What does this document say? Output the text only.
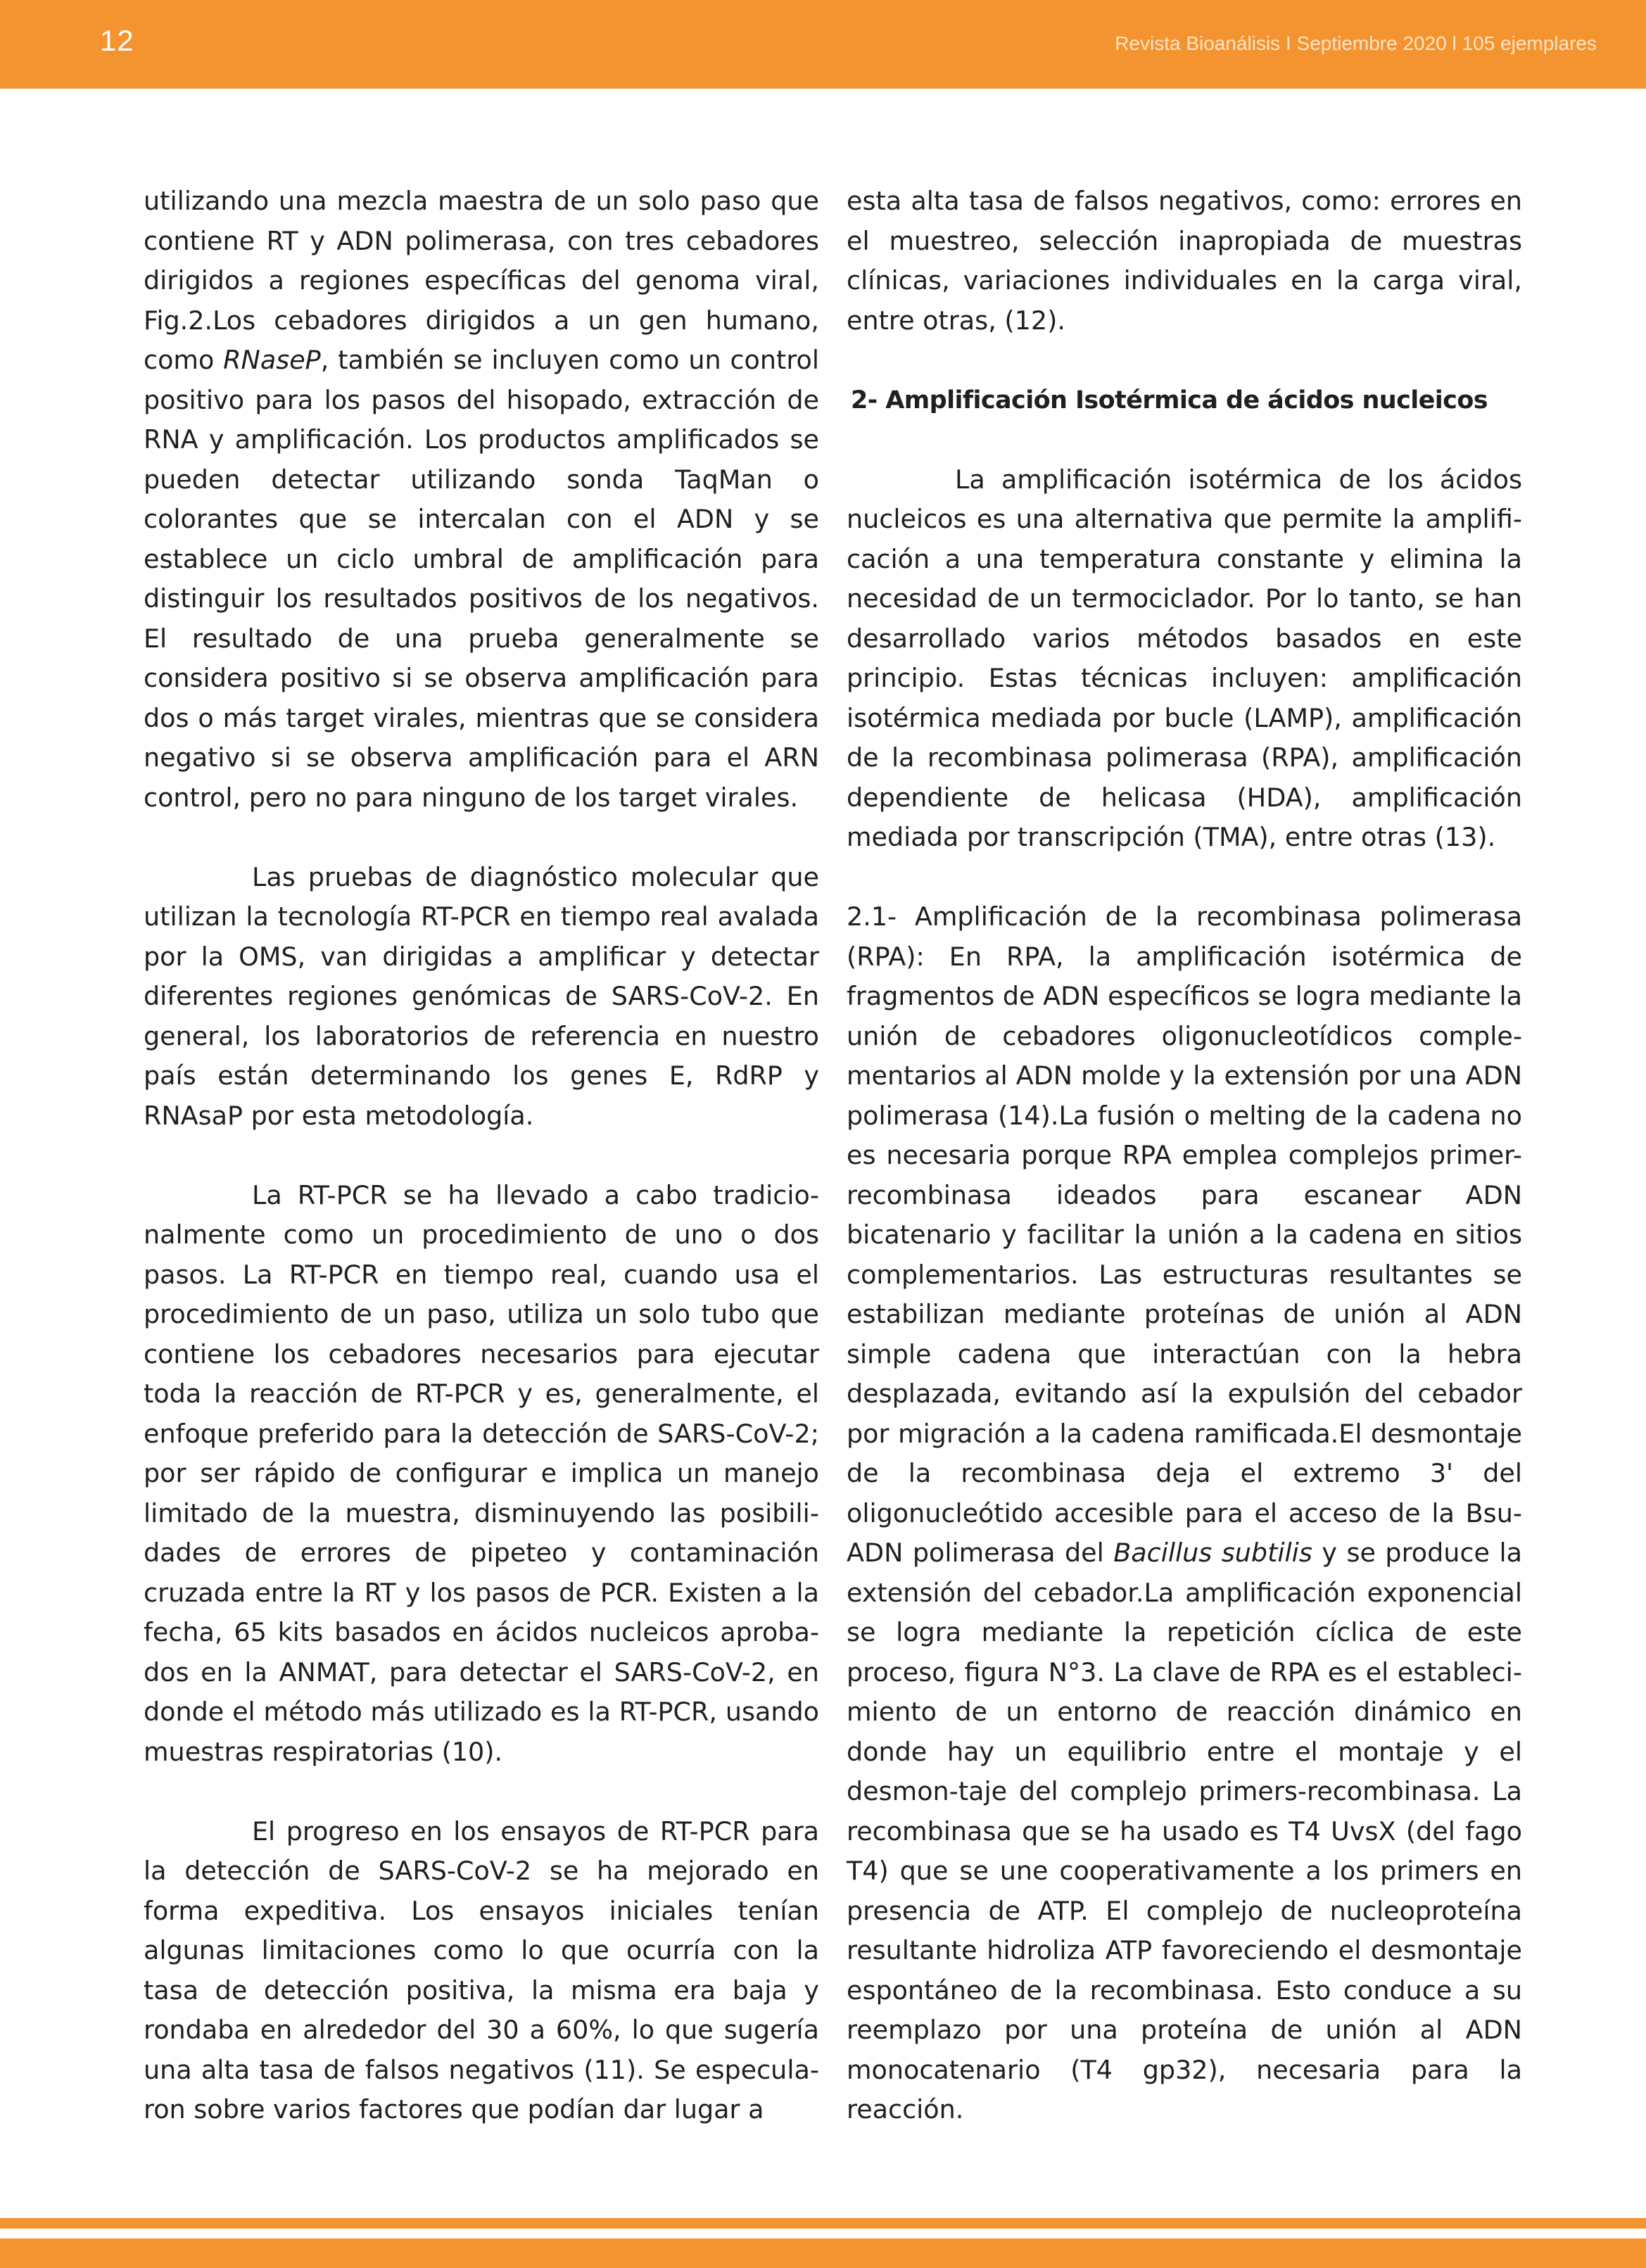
12	Revista Bioanálisis I Septiembre 2020 l 105 ejemplares

utilizando una mezcla maestra de un solo paso que contiene RT y ADN polimerasa, con tres cebadores dirigidos a regiones específicas del genoma viral, Fig.2.Los cebadores dirigidos a un gen humano, como RNaseP, también se incluyen como un control positivo para los pasos del hisopado, extracción de RNA y amplificación. Los productos amplificados se pueden detectar utilizando sonda TaqMan o colorantes que se intercalan con el ADN y se establece un ciclo umbral de amplificación para distinguir los resultados positivos de los negativos. El resultado de una prueba generalmente se considera positivo si se observa amplificación para dos o más target virales, mientras que se considera negativo si se observa amplificación para el ARN control, pero no para ninguno de los target virales.

Las pruebas de diagnóstico molecular que utilizan la tecnología RT-PCR en tiempo real avalada por la OMS, van dirigidas a amplificar y detectar diferentes regiones genómicas de SARS-CoV-2. En general, los laboratorios de referencia en nuestro país están determinando los genes E, RdRP y RNAsaP por esta metodología.

La RT-PCR se ha llevado a cabo tradicionalmente como un procedimiento de uno o dos pasos. La RT-PCR en tiempo real, cuando usa el procedimiento de un paso, utiliza un solo tubo que contiene los cebadores necesarios para ejecutar toda la reacción de RT-PCR y es, generalmente, el enfoque preferido para la detección de SARS-CoV-2; por ser rápido de configurar e implica un manejo limitado de la muestra, disminuyendo las posibilidades de errores de pipeteo y contaminación cruzada entre la RT y los pasos de PCR. Existen a la fecha, 65 kits basados en ácidos nucleicos aprobados en la ANMAT, para detectar el SARS-CoV-2, en donde el método más utilizado es la RT-PCR, usando muestras respiratorias (10).

El progreso en los ensayos de RT-PCR para la detección de SARS-CoV-2 se ha mejorado en forma expeditiva. Los ensayos iniciales tenían algunas limitaciones como lo que ocurría con la tasa de detección positiva, la misma era baja y rondaba en alrededor del 30 a 60%, lo que sugería una alta tasa de falsos negativos (11). Se especularon sobre varios factores que podían dar lugar a

esta alta tasa de falsos negativos, como: errores en el muestreo, selección inapropiada de muestras clínicas, variaciones individuales en la carga viral, entre otras, (12).

2- Amplificación Isotérmica de ácidos nucleicos

La amplificación isotérmica de los ácidos nucleicos es una alternativa que permite la amplificación a una temperatura constante y elimina la necesidad de un termociclador. Por lo tanto, se han desarrollado varios métodos basados en este principio. Estas técnicas incluyen: amplificación isotérmica mediada por bucle (LAMP), amplificación de la recombinasa polimerasa (RPA), amplificación dependiente de helicasa (HDA), amplificación mediada por transcripción (TMA), entre otras (13).

2.1- Amplificación de la recombinasa polimerasa (RPA): En RPA, la amplificación isotérmica de fragmentos de ADN específicos se logra mediante la unión de cebadores oligonucleotídicos complementarios al ADN molde y la extensión por una ADN polimerasa (14).La fusión o melting de la cadena no es necesaria porque RPA emplea complejos primer-recombinasa ideados para escanear ADN bicatenario y facilitar la unión a la cadena en sitios complementarios. Las estructuras resultantes se estabilizan mediante proteínas de unión al ADN simple cadena que interactúan con la hebra desplazada, evitando así la expulsión del cebador por migración a la cadena ramificada.El desmontaje de la recombinasa deja el extremo 3' del oligonucleótido accesible para el acceso de la Bsu-ADN polimerasa del Bacillus subtilis y se produce la extensión del cebador.La amplificación exponencial se logra mediante la repetición cíclica de este proceso, figura N°3. La clave de RPA es el establecimiento de un entorno de reacción dinámico en donde hay un equilibrio entre el montaje y el desmon-taje del complejo primers-recombinasa. La recombinasa que se ha usado es T4 UvsX (del fago T4) que se une cooperativamente a los primers en presencia de ATP. El complejo de nucleoproteína resultante hidroliza ATP favoreciendo el desmontaje espontáneo de la recombinasa. Esto conduce a su reemplazo por una proteína de unión al ADN monocatenario (T4 gp32), necesaria para la reacción.
